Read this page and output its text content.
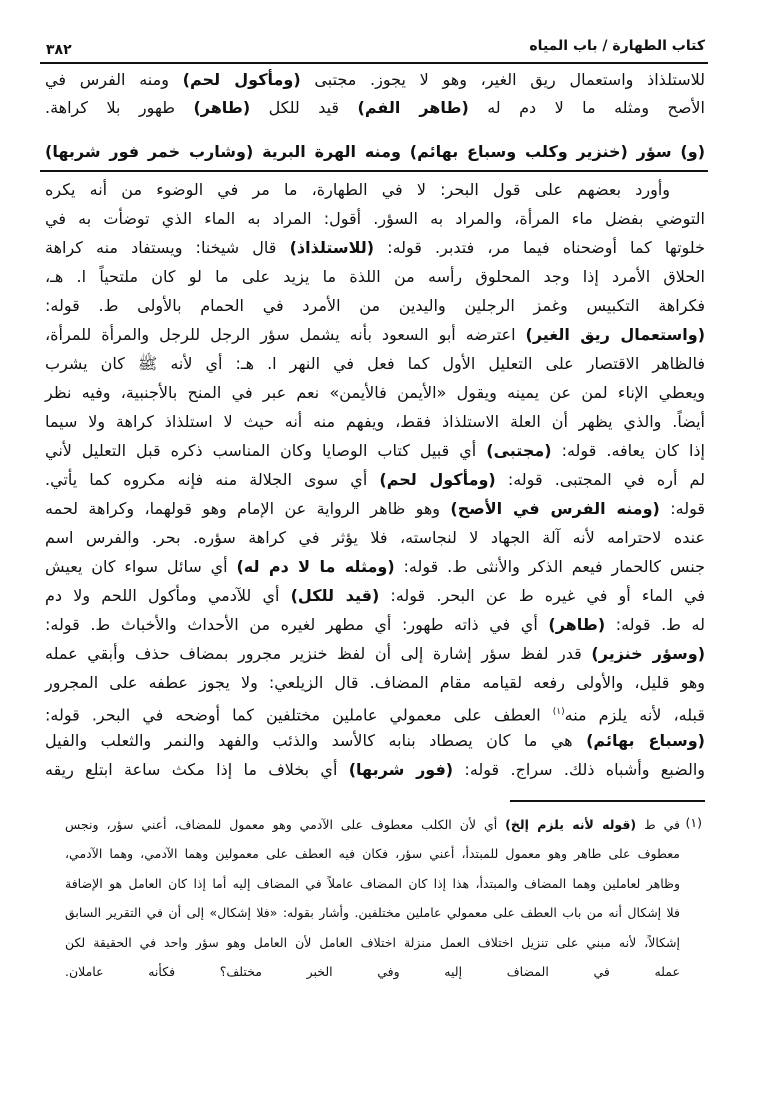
كتاب الطهارة / باب المياه
٣٨٢
للاستلذاذ واستعمال ريق الغير، وهو لا يجوز. مجتبى (ومأكول لحم) ومنه الفرس في
الأصح ومثله ما لا دم له (طاهر الفم) قيد للكل (طاهر) طهور بلا كراهة.
(و) سؤر (خنزير وكلب وسباع بهائم) ومنه الهرة البرية (وشارب خمر فور شربها)
وأورد بعضهم على قول البحر: لا في الطهارة، ما مر في الوضوء من أنه يكره
التوضي بفضل ماء المرأة، والمراد به السؤر. أقول: المراد به الماء الذي توضأت به في
خلوتها كما أوضحناه فيما مر، فتدبر. قوله: (للاستلذاذ) قال شيخنا: ويستفاد منه كراهة
الحلاق الأمرد إذا وجد المحلوق رأسه من اللذة ما يزيد على ما لو كان ملتحياً ا. هـ،
فكراهة التكبيس وغمز الرجلين واليدين من الأمرد في الحمام بالأولى ط. قوله:
(واستعمال ريق الغير) اعترضه أبو السعود بأنه يشمل سؤر الرجل للرجل والمرأة للمرأة،
فالظاهر الاقتصار على التعليل الأول كما فعل في النهر ا. هـ: أي لأنه ﷺ كان يشرب
ويعطي الإناء لمن عن يمينه ويقول «الأيمن فالأيمن» نعم عبر في المنح بالأجنبية، وفيه نظر
أيضاً. والذي يظهر أن العلة الاستلذاذ فقط، ويفهم منه أنه حيث لا استلذاذ كراهة ولا سيما
إذا كان يعافه. قوله: (مجتبى) أي قبيل كتاب الوصايا وكان المناسب ذكره قبل التعليل لأني
لم أره في المجتبى. قوله: (ومأكول لحم) أي سوى الجلالة منه فإنه مكروه كما يأتي.
قوله: (ومنه الفرس في الأصح) وهو ظاهر الرواية عن الإمام وهو قولهما، وكراهة لحمه
عنده لاحترامه لأنه آلة الجهاد لا لنجاسته، فلا يؤثر في كراهة سؤره. بحر. والفرس اسم
جنس كالحمار فيعم الذكر والأنثى ط. قوله: (ومثله ما لا دم له) أي سائل سواء كان يعيش
في الماء أو في غيره ط عن البحر. قوله: (قيد للكل) أي للآدمي ومأكول اللحم ولا دم
له ط. قوله: (طاهر) أي في ذاته طهور: أي مطهر لغيره من الأحداث والأخباث ط. قوله:
(وسؤر خنزير) قدر لفظ سؤر إشارة إلى أن لفظ خنزير مجرور بمضاف حذف وأبقي عمله
وهو قليل، والأولى رفعه لقيامه مقام المضاف. قال الزيلعي: ولا يجوز عطفه على المجرور
قبله، لأنه يلزم منه$^{(١)}$ العطف على معمولي عاملين مختلفين كما أوضحه في البحر. قوله:
(وسباع بهائم) هي ما كان يصطاد بنابه كالأسد والذئب والفهد والنمر والثعلب والفيل
والضبع وأشباه ذلك. سراج. قوله: (فور شربها) أي بخلاف ما إذا مكث ساعة ابتلع ريقه
(١)
في ط (قوله لأنه يلزم إلخ) أي لأن الكلب معطوف على الآدمي وهو معمول للمضاف، أعني سؤر، ونجس
معطوف على طاهر وهو معمول للمبتدأ، أعني سؤر، فكان فيه العطف على معمولين وهما الآدمي، وهما الآدمي،
وظاهر لعاملين وهما المضاف والمبتدأ، هذا إذا كان المضاف عاملاً في المضاف إليه أما إذا كان العامل هو الإضافة
فلا إشكال أنه من باب العطف على معمولي عاملين مختلفين. وأشار بقوله: «فلا إشكال» إلى أن في التقرير السابق
إشكالاً، لأنه مبني على تنزيل اختلاف العمل منزلة اختلاف العامل لأن العامل وهو سؤر واحد في الحقيقة لكن
عمله في المضاف إليه وفي الخبر مختلف؟ فكأنه عاملان.
